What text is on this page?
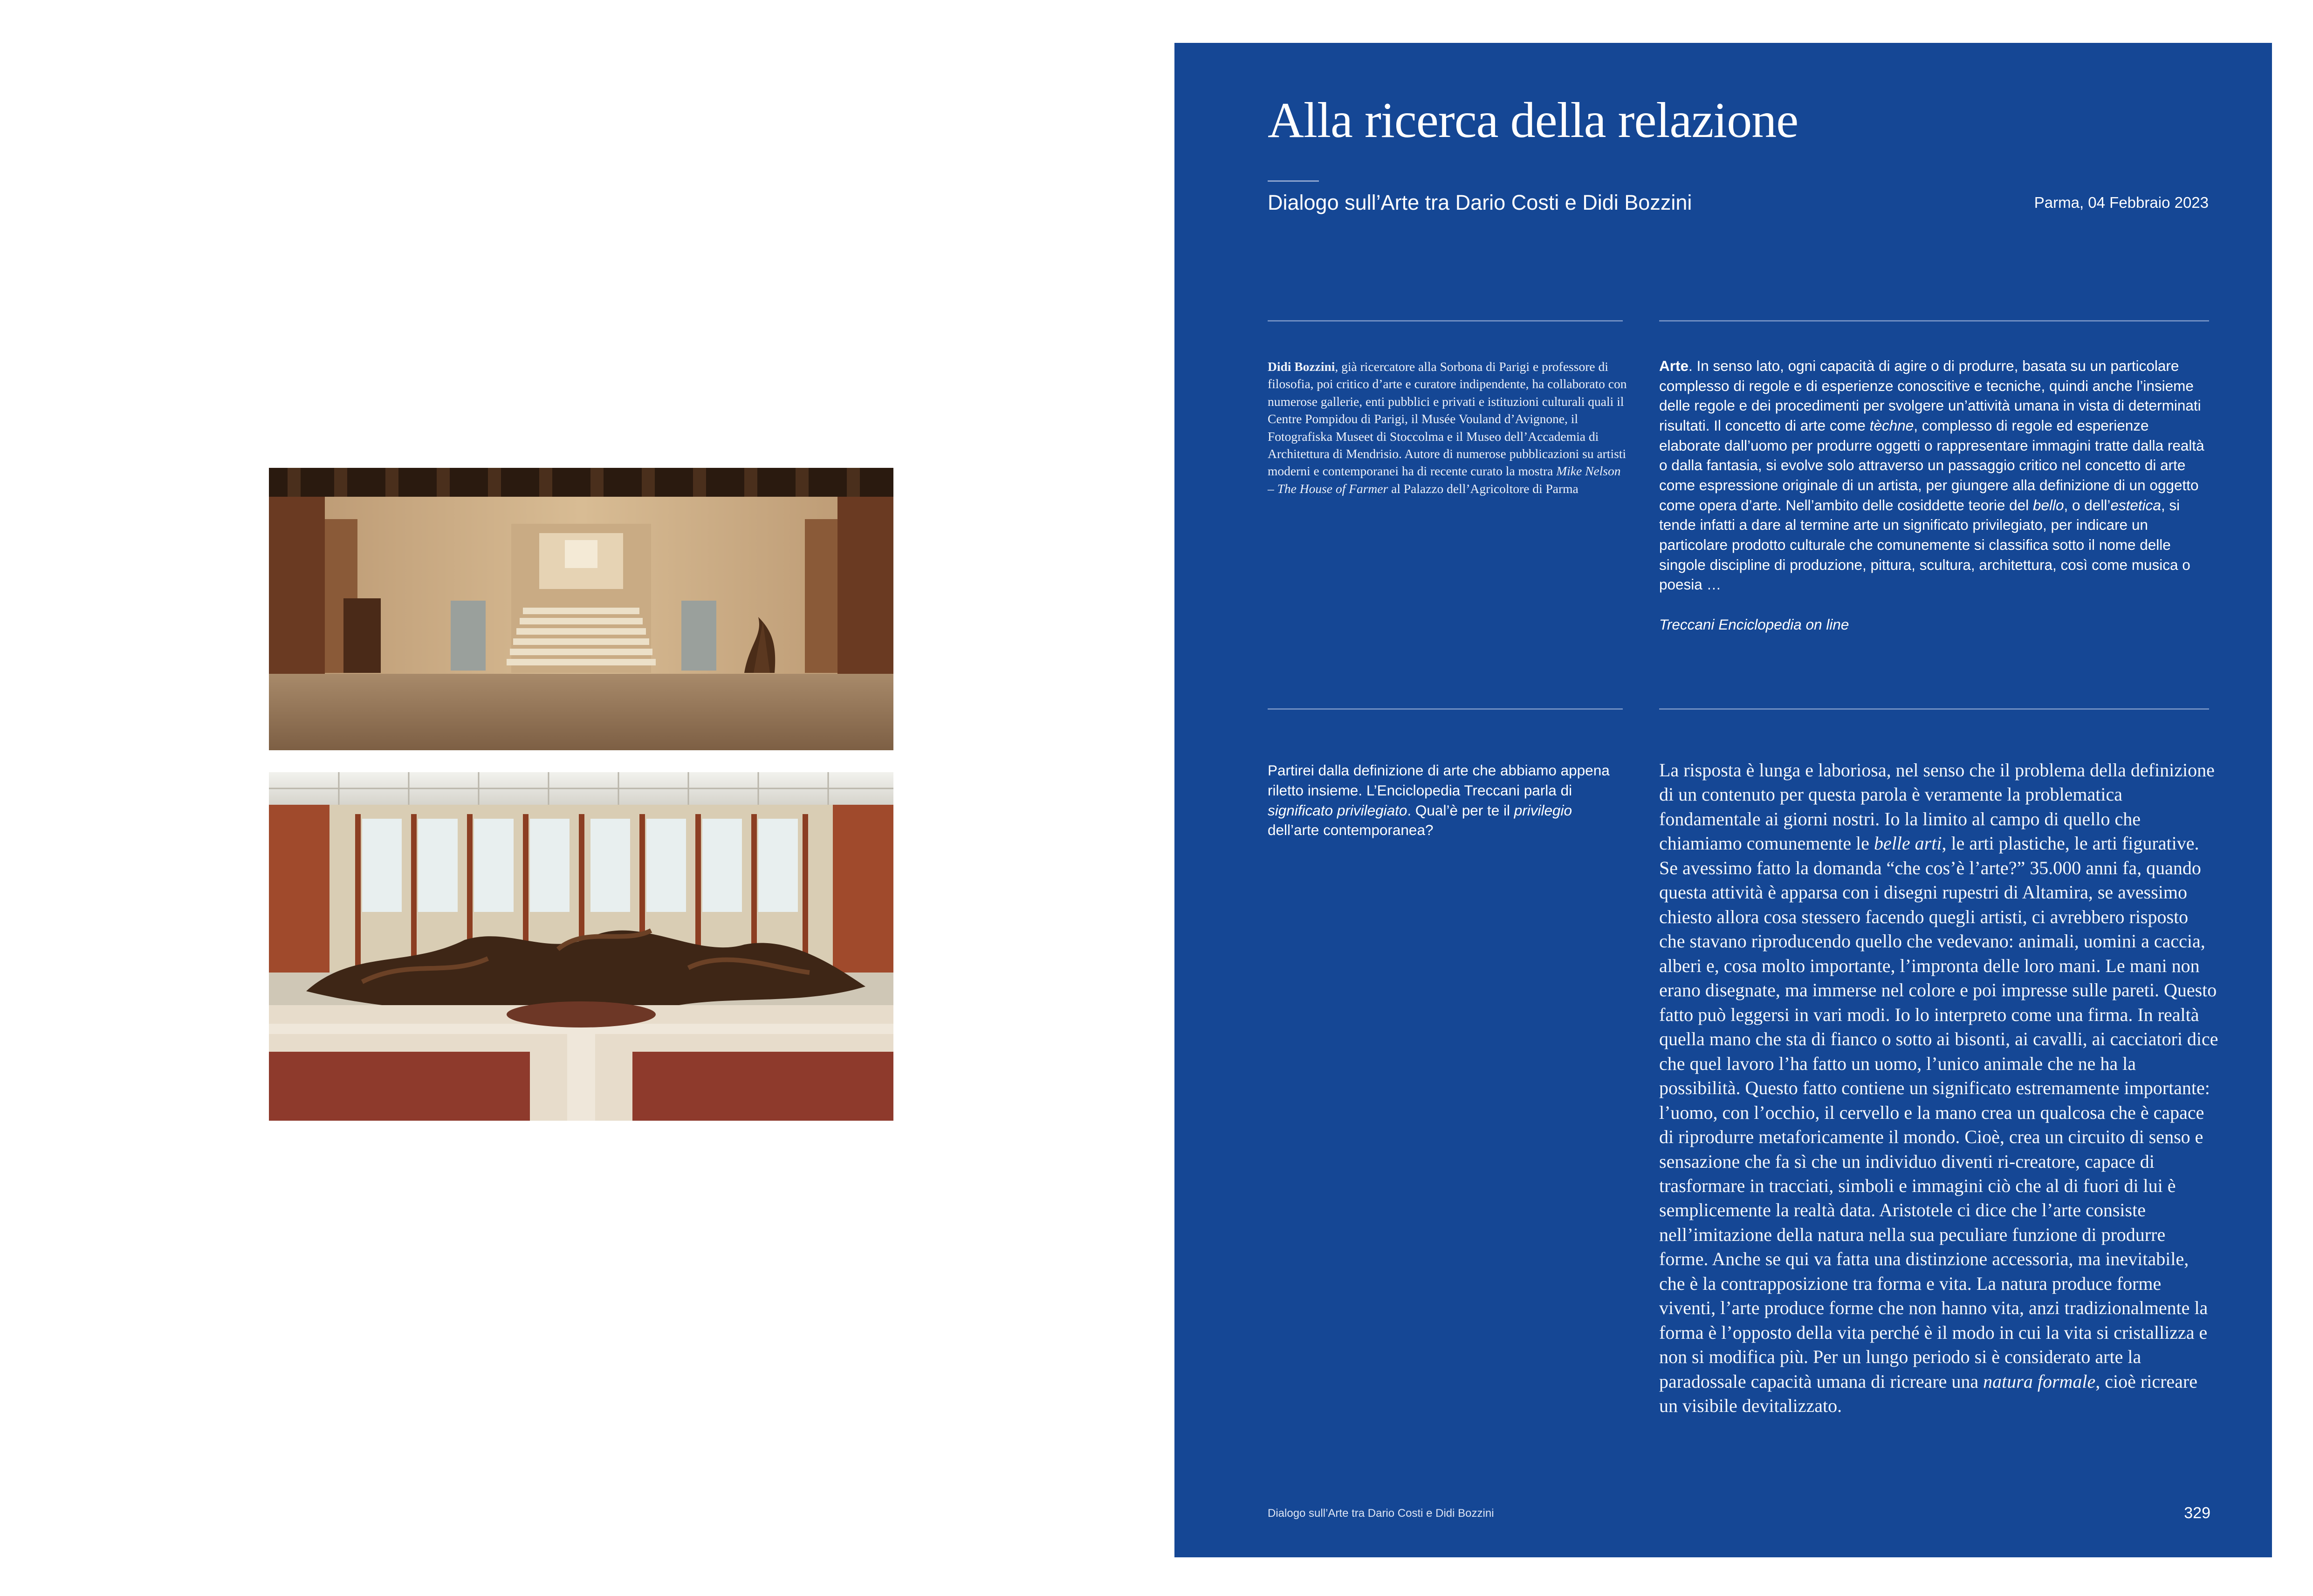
Alla ricerca della relazione
Dialogo sull’Arte tra Dario Costi e Didi Bozzini	Parma, 04 Febbraio 2023

Didi Bozzini, già ricercatore alla Sorbona di Parigi e professore di filosofia, poi critico d’arte e curatore indipendente, ha collaborato con numerose gallerie, enti pubblici e privati e istituzioni culturali quali il Centre Pompidou di Parigi, il Musée Vouland d’Avignone, il Fotografiska Museet di Stoccolma e il Museo dell’Accademia di Architettura di Mendrisio. Autore di numerose pubblicazioni su artisti moderni e contemporanei ha di recente curato la mostra Mike Nelson – The House of Farmer al Palazzo dell’Agricoltore di Parma

Arte. In senso lato, ogni capacità di agire o di produrre, basata su un particolare complesso di regole e di esperienze conoscitive e tecniche, quindi anche l’insieme delle regole e dei procedimenti per svolgere un’attività umana in vista di determinati risultati. Il concetto di arte come tèchne, complesso di regole ed esperienze elaborate dall’uomo per produrre oggetti o rappresentare immagini tratte dalla realtà o dalla fantasia, si evolve solo attraverso un passaggio critico nel concetto di arte come espressione originale di un artista, per giungere alla definizione di un oggetto come opera d’arte. Nell’ambito delle cosiddette teorie del bello, o dell’estetica, si tende infatti a dare al termine arte un significato privilegiato, per indicare un particolare prodotto culturale che comunemente si classifica sotto il nome delle singole discipline di produzione, pittura, scultura, architettura, così come musica o poesia …
Treccani Enciclopedia on line

Partirei dalla definizione di arte che abbiamo appena riletto insieme. L’Enciclopedia Treccani parla di significato privilegiato. Qual’è per te il privilegio dell’arte contemporanea?

La risposta è lunga e laboriosa, nel senso che il problema della definizione di un contenuto per questa parola è veramente la problematica fondamentale ai giorni nostri. Io la limito al campo di quello che chiamiamo comunemente le belle arti, le arti plastiche, le arti figurative. Se avessimo fatto la domanda “che cos’è l’arte?” 35.000 anni fa, quando questa attività è apparsa con i disegni rupestri di Altamira, se avessimo chiesto allora cosa stessero facendo quegli artisti, ci avrebbero risposto che stavano riproducendo quello che vedevano: animali, uomini a caccia, alberi e, cosa molto importante, l’impronta delle loro mani. Le mani non erano disegnate, ma immerse nel colore e poi impresse sulle pareti. Questo fatto può leggersi in vari modi. Io lo interpreto come una firma. In realtà quella mano che sta di fianco o sotto ai bisonti, ai cavalli, ai cacciatori dice che quel lavoro l’ha fatto un uomo, l’unico animale che ne ha la possibilità. Questo fatto contiene un significato estremamente importante: l’uomo, con l’occhio, il cervello e la mano crea un qualcosa che è capace di riprodurre metaforicamente il mondo. Cioè, crea un circuito di senso e sensazione che fa sì che un individuo diventi ri-creatore, capace di trasformare in tracciati, simboli e immagini ciò che al di fuori di lui è semplicemente la realtà data. Aristotele ci dice che l’arte consiste nell’imitazione della natura nella sua peculiare funzione di produrre forme. Anche se qui va fatta una distinzione accessoria, ma inevitabile, che è la contrapposizione tra forma e vita. La natura produce forme viventi, l’arte produce forme che non hanno vita, anzi tradizionalmente la forma è l’opposto della vita perché è il modo in cui la vita si cristallizza e non si modifica più. Per un lungo periodo si è considerato arte la paradossale capacità umana di ricreare una natura formale, cioè ricreare un visibile devitalizzato.

Dialogo sull’Arte tra Dario Costi e Didi Bozzini	329
